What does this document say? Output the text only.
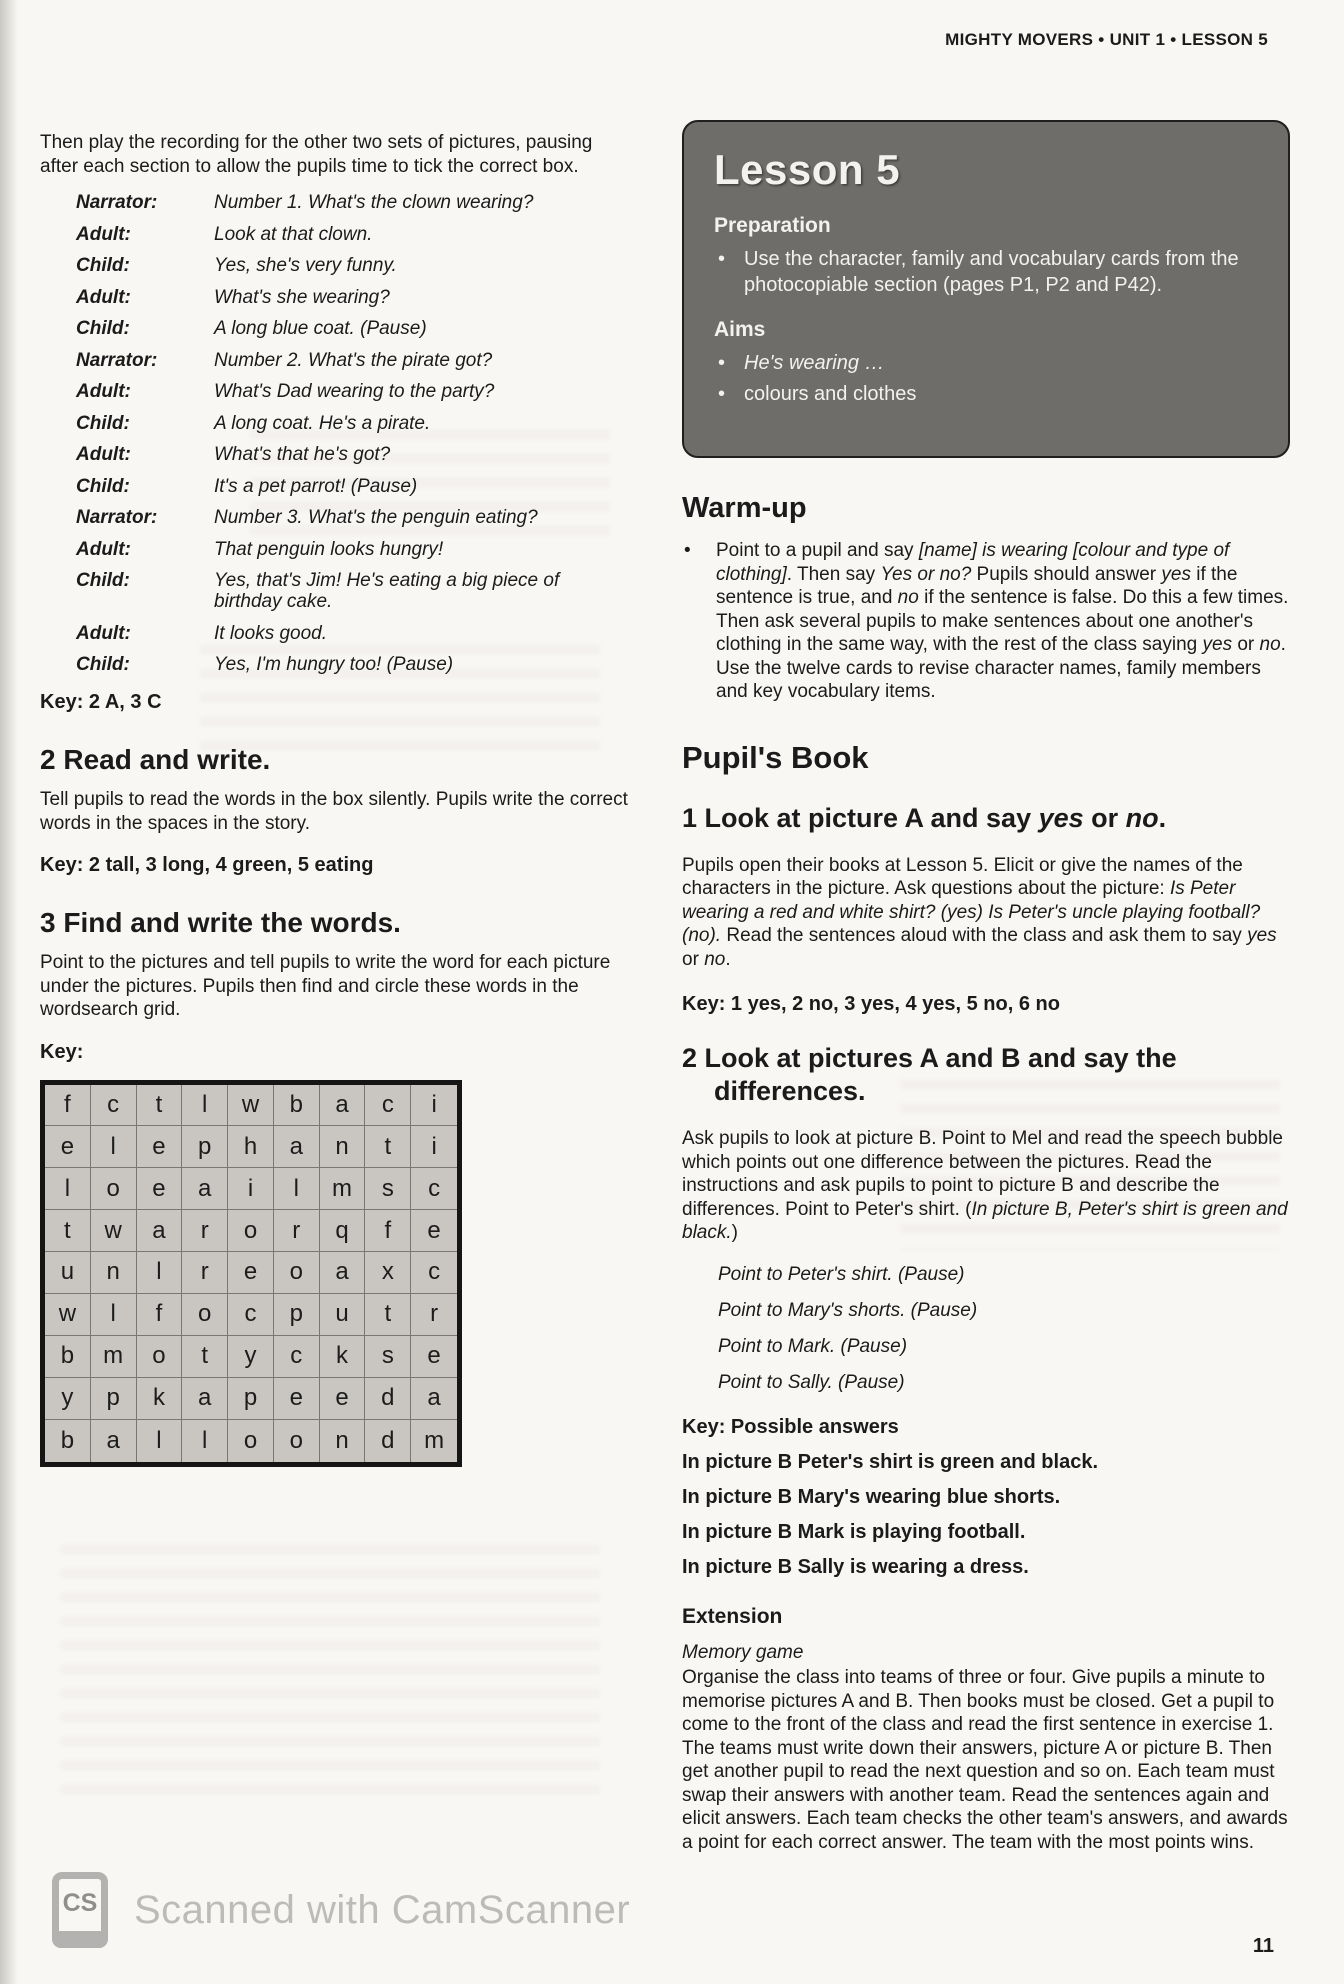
MIGHTY MOVERS • UNIT 1 • LESSON 5

Then play the recording for the other two sets of pictures, pausing after each section to allow the pupils time to tick the correct box.

Narrator:	Number 1. What's the clown wearing?
Adult:	Look at that clown.
Child:	Yes, she's very funny.
Adult:	What's she wearing?
Child:	A long blue coat. (Pause)
Narrator:	Number 2. What's the pirate got?
Adult:	What's Dad wearing to the party?
Child:	A long coat. He's a pirate.
Adult:	What's that he's got?
Child:	It's a pet parrot! (Pause)
Narrator:	Number 3. What's the penguin eating?
Adult:	That penguin looks hungry!
Child:	Yes, that's Jim! He's eating a big piece of birthday cake.
Adult:	It looks good.
Child:	Yes, I'm hungry too! (Pause)
Key: 2 A, 3 C
2 Read and write.

Tell pupils to read the words in the box silently. Pupils write the correct words in the spaces in the story.

Key: 2 tall, 3 long, 4 green, 5 eating
3 Find and write the words.

Point to the pictures and tell pupils to write the word for each picture under the pictures. Pupils then find and circle these words in the wordsearch grid.

Key:
f	c	t	l	w	b	a	c	i
e	l	e	p	h	a	n	t	i
l	o	e	a	i	l	m	s	c
t	w	a	r	o	r	q	f	e
u	n	l	r	e	o	a	x	c
w	l	f	o	c	p	u	t	r
b	m	o	t	y	c	k	s	e
y	p	k	a	p	e	e	d	a
b	a	l	l	o	o	n	d	m
Lesson 5
Preparation
• Use the character, family and vocabulary cards from the photocopiable section (pages P1, P2 and P42).
Aims
• He's wearing …
• colours and clothes
Warm-up
•	Point to a pupil and say [name] is wearing [colour and type of clothing]. Then say Yes or no? Pupils should answer yes if the sentence is true, and no if the sentence is false. Do this a few times. Then ask several pupils to make sentences about one another's clothing in the same way, with the rest of the class saying yes or no. Use the twelve cards to revise character names, family members and key vocabulary items.
Pupil's Book
1 Look at picture A and say yes or no.

Pupils open their books at Lesson 5. Elicit or give the names of the characters in the picture. Ask questions about the picture: Is Peter wearing a red and white shirt? (yes) Is Peter's uncle playing football? (no). Read the sentences aloud with the class and ask them to say yes or no.

Key: 1 yes, 2 no, 3 yes, 4 yes, 5 no, 6 no
2 Look at pictures A and B and say the differences.

Ask pupils to look at picture B. Point to Mel and read the speech bubble which points out one difference between the pictures. Read the instructions and ask pupils to point to picture B and describe the differences. Point to Peter's shirt. (In picture B, Peter's shirt is green and black.)

Point to Peter's shirt. (Pause)
Point to Mary's shorts. (Pause)
Point to Mark. (Pause)
Point to Sally. (Pause)
Key: Possible answers
In picture B Peter's shirt is green and black.
In picture B Mary's wearing blue shorts.
In picture B Mark is playing football.
In picture B Sally is wearing a dress.
Extension
Memory game

Organise the class into teams of three or four. Give pupils a minute to memorise pictures A and B. Then books must be closed. Get a pupil to come to the front of the class and read the first sentence in exercise 1. The teams must write down their answers, picture A or picture B. Then get another pupil to read the next question and so on. Each team must swap their answers with another team. Read the sentences again and elicit answers. Each team checks the other team's answers, and awards a point for each correct answer. The team with the most points wins.

CS Scanned with CamScanner
11
